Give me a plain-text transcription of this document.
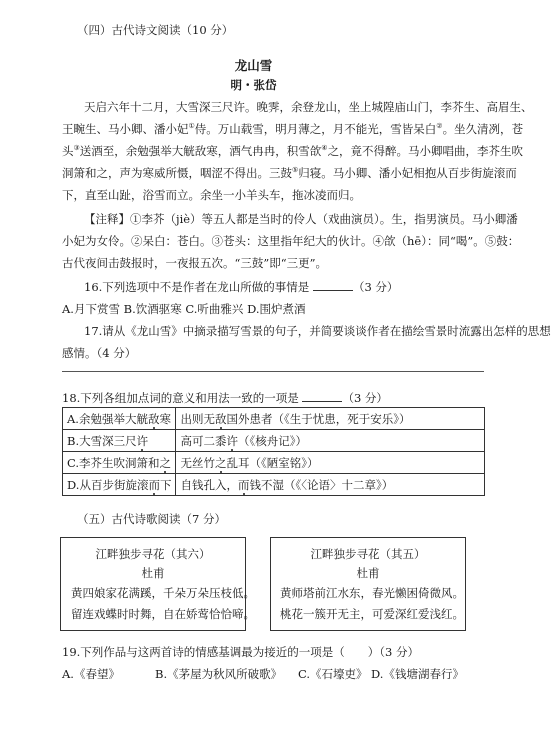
（四）古代诗文阅读（10 分）
龙山雪
明・张岱
天启六年十二月，大雪深三尺许。晚霁，余登龙山，坐上城隍庙山门，李芥生、高眉生、
王畹生、马小卿、潘小妃①侍。万山载雪，明月薄之，月不能光，雪皆呆白②。坐久清冽，苍
头③送酒至，余勉强举大觥敌寒，酒气冉冉，积雪欱④之，竟不得醉。马小卿唱曲，李芥生吹
洞箫和之，声为寒威所慑，咽涩不得出。三鼓⑤归寝。马小卿、潘小妃相抱从百步街旋滚而
下，直至山趾，浴雪而立。余坐一小羊头车，拖冰凌而归。
【注释】①李芥（jiè）等五人都是当时的伶人（戏曲演员）。生，指男演员。马小卿潘
小妃为女伶。②呆白：苍白。③苍头：这里指年纪大的伙计。④欱（hē）：同“喝”。⑤鼓：
古代夜间击鼓报时，一夜报五次。“三鼓”即“三更”。
16.下列选项中不是作者在龙山所做的事情是	（3 分）
A.月下赏雪 B.饮酒驱寒 C.听曲雅兴 D.围炉煮酒
17.请从《龙山雪》中摘录描写雪景的句子，并简要谈谈作者在描绘雪景时流露出怎样的思想
感情。（4 分）
18.下列各组加点词的意义和用法一致的一项是	（3 分）
A.余勉强举大觥敌寒	出则无敌国外患者（《生于忧患，死于安乐》）
B.大雪深三尺许	高可二黍许（《核舟记》）
C.李芥生吹洞箫和之	无丝竹之乱耳（《陋室铭》）
D.从百步街旋滚而下	自钱孔入，而钱不湿（《〈论语〉十二章》）
（五）古代诗歌阅读（7 分）
江畔独步寻花（其六）
杜甫
黄四娘家花满蹊，千朵万朵压枝低。
留连戏蝶时时舞，自在娇莺恰恰啼。
江畔独步寻花（其五）
杜甫
黄师塔前江水东，春光懒困倚微风。
桃花一簇开无主，可爱深红爱浅红。
19.下列作品与这两首诗的情感基调最为接近的一项是（　　）（3 分）
A.《春望》	B.《茅屋为秋风所破歌》 C.《石壕吏》 D.《钱塘湖春行》
